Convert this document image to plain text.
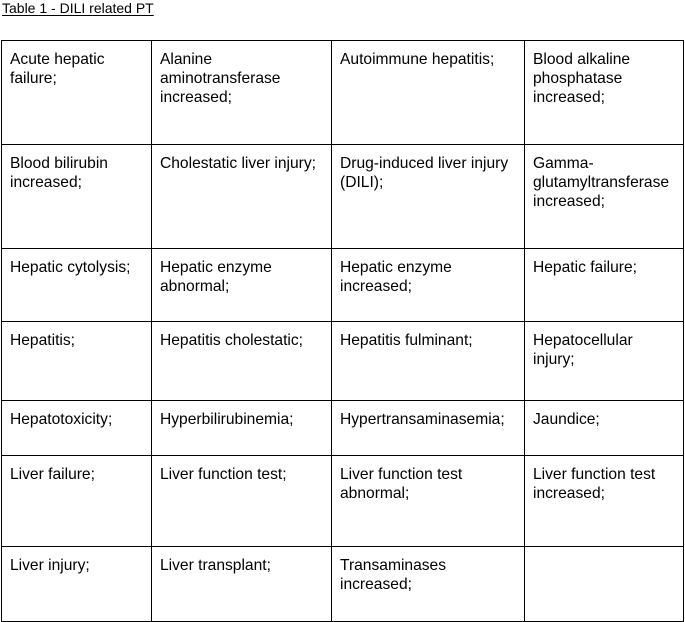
Table 1 - DILI related PT
Acute hepatic failure;	Alanine aminotransferase increased;	Autoimmune hepatitis;	Blood alkaline phosphatase increased;
Blood bilirubin increased;	Cholestatic liver injury;	Drug-induced liver injury (DILI);	Gamma-glutamyltransferase increased;
Hepatic cytolysis;	Hepatic enzyme abnormal;	Hepatic enzyme increased;	Hepatic failure;
Hepatitis;	Hepatitis cholestatic;	Hepatitis fulminant;	Hepatocellular injury;
Hepatotoxicity;	Hyperbilirubinemia;	Hypertransaminasemia;	Jaundice;
Liver failure;	Liver function test;	Liver function test abnormal;	Liver function test increased;
Liver injury;	Liver transplant;	Transaminases increased;	
